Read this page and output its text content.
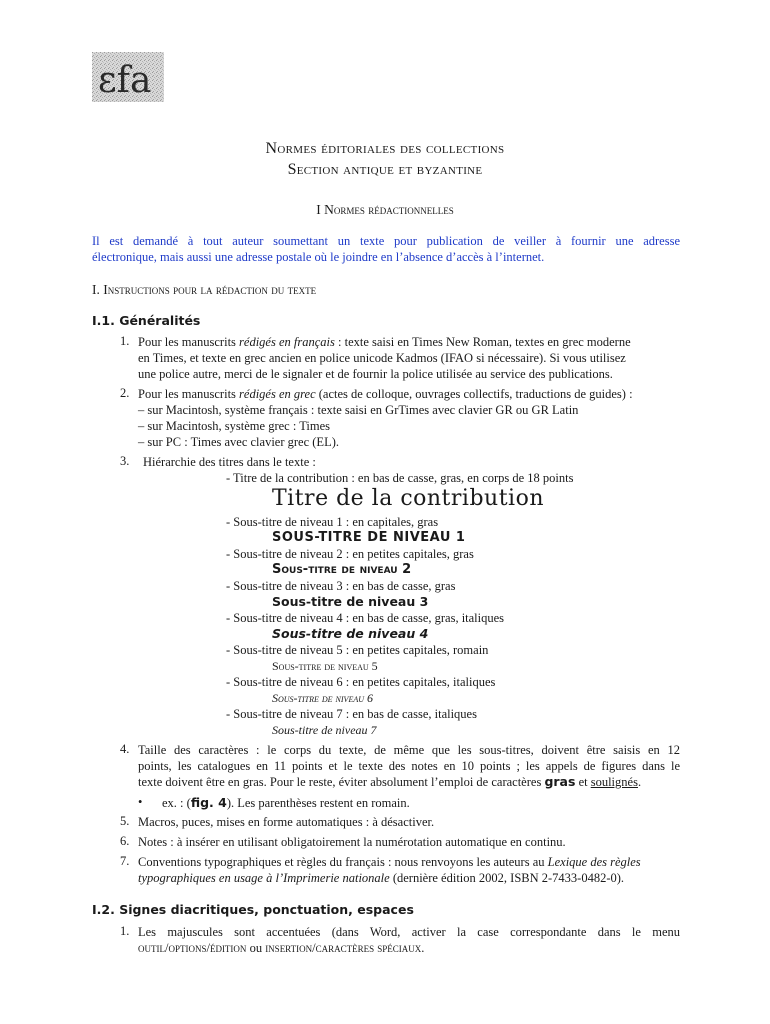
εfa
Normes éditoriales des collections
Section antique et byzantine
I Normes rédactionnelles
Il est demandé à tout auteur soumettant un texte pour publication de veiller à fournir une adresse
électronique, mais aussi une adresse postale où le joindre en l’absence d’accès à l’internet.
I. Instructions pour la rédaction du texte
I.1. Généralités
1. Pour les manuscrits rédigés en français : texte saisi en Times New Roman, textes en grec moderne
en Times, et texte en grec ancien en police unicode Kadmos (IFAO si nécessaire). Si vous utilisez
une police autre, merci de le signaler et de fournir la police utilisée au service des publications.
2. Pour les manuscrits rédigés en grec (actes de colloque, ouvrages collectifs, traductions de guides) :
– sur Macintosh, système français : texte saisi en GrTimes avec clavier GR ou GR Latin
– sur Macintosh, système grec : Times
– sur PC : Times avec clavier grec (EL).
3. Hiérarchie des titres dans le texte :
- Titre de la contribution : en bas de casse, gras, en corps de 18 points
Titre de la contribution
- Sous-titre de niveau 1 : en capitales, gras
SOUS-TITRE DE NIVEAU 1
- Sous-titre de niveau 2 : en petites capitales, gras
Sous-titre de niveau 2
- Sous-titre de niveau 3 : en bas de casse, gras
Sous-titre de niveau 3
- Sous-titre de niveau 4 : en bas de casse, gras, italiques
Sous-titre de niveau 4
- Sous-titre de niveau 5 : en petites capitales, romain
Sous-titre de niveau 5
- Sous-titre de niveau 6 : en petites capitales, italiques
Sous-titre de niveau 6
- Sous-titre de niveau 7 : en bas de casse, italiques
Sous-titre de niveau 7
4. Taille des caractères : le corps du texte, de même que les sous-titres, doivent être saisis en 12
points, les catalogues en 11 points et le texte des notes en 10 points ; les appels de figures dans le
texte doivent être en gras. Pour le reste, éviter absolument l’emploi de caractères gras et soulignés.
• ex. : (fig. 4). Les parenthèses restent en romain.
5. Macros, puces, mises en forme automatiques : à désactiver.
6. Notes : à insérer en utilisant obligatoirement la numérotation automatique en continu.
7. Conventions typographiques et règles du français : nous renvoyons les auteurs au Lexique des règles
typographiques en usage à l’Imprimerie nationale (dernière édition 2002, ISBN 2-7433-0482-0).
I.2. Signes diacritiques, ponctuation, espaces
1. Les majuscules sont accentuées (dans Word, activer la case correspondante dans le menu
outil/options/édition ou insertion/caractères spéciaux.
